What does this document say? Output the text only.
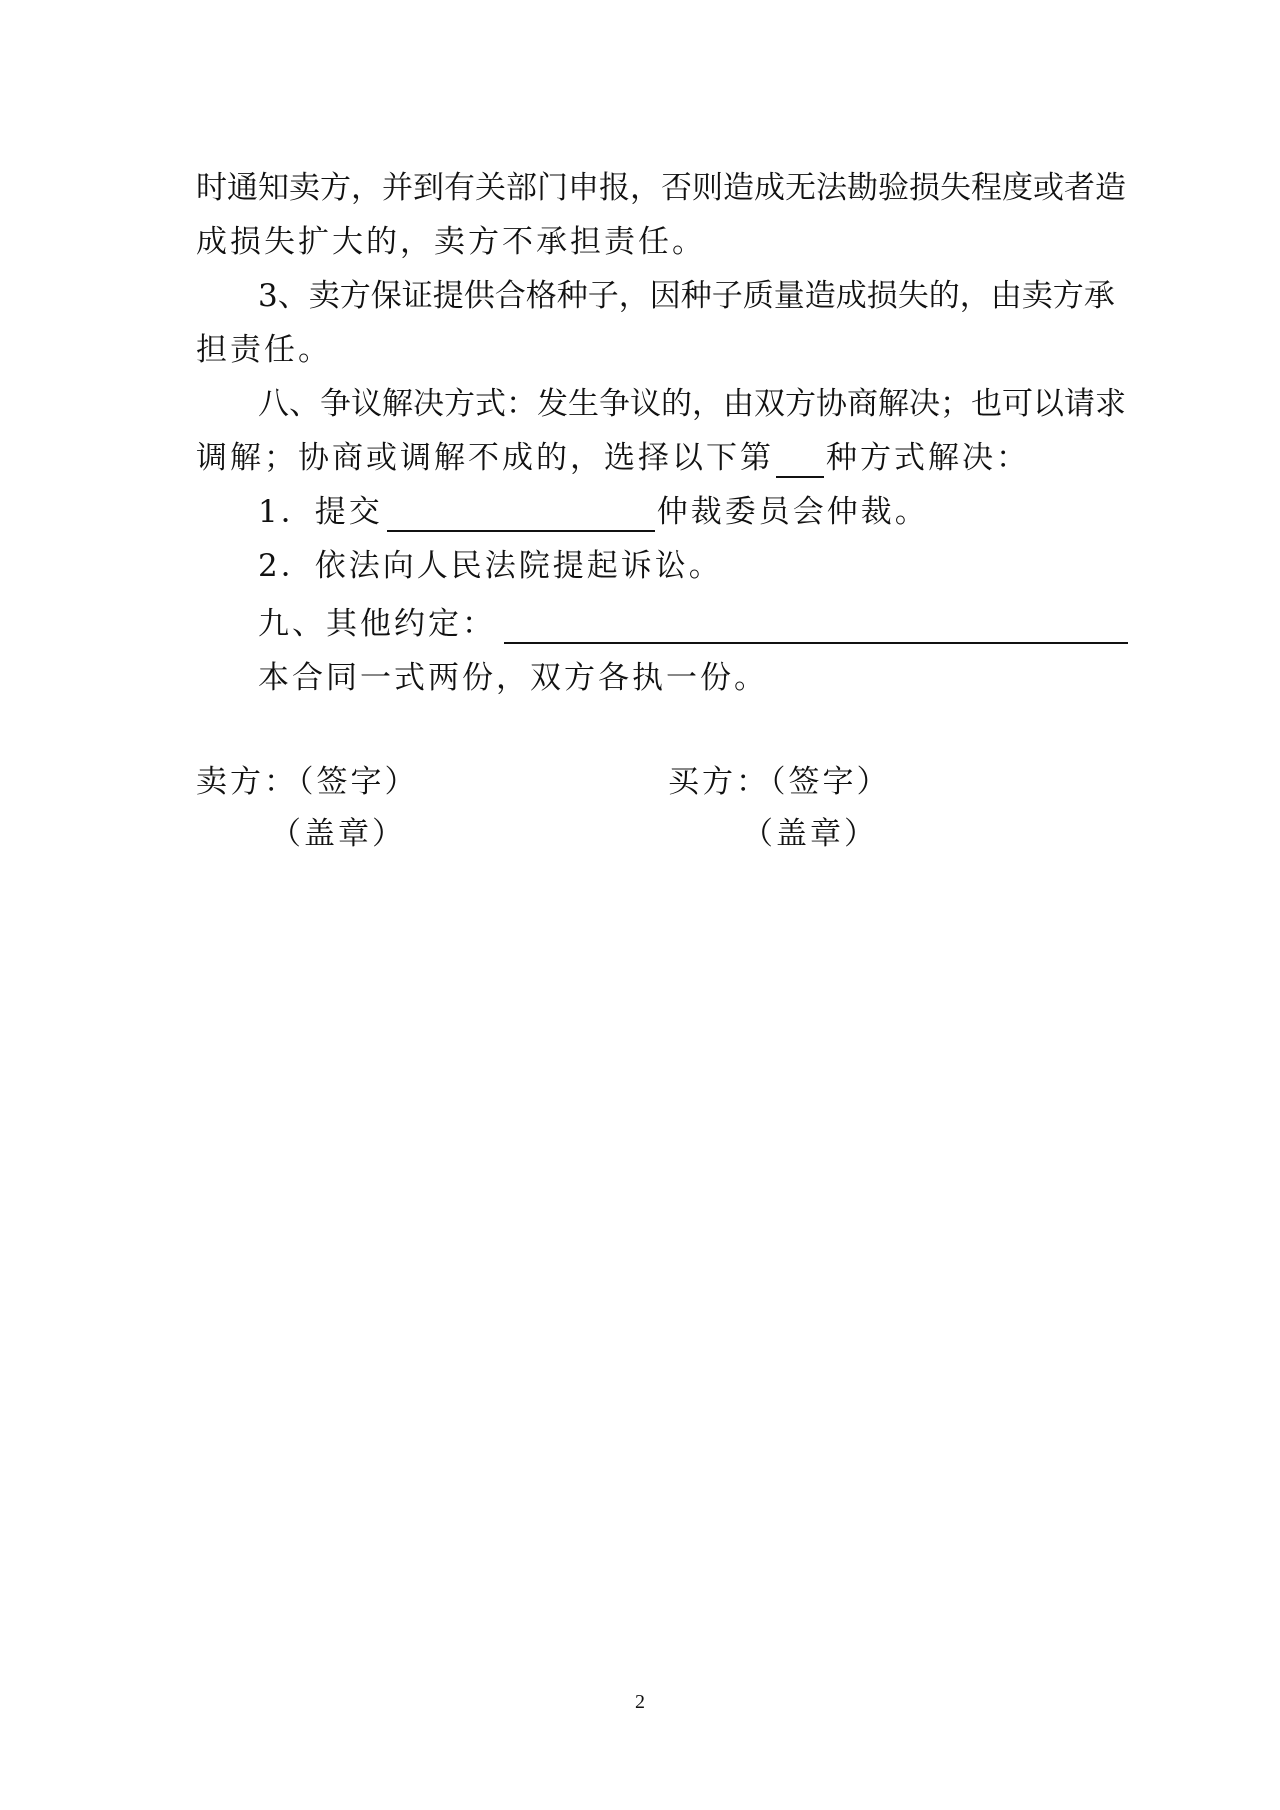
时通知卖方，并到有关部门申报，否则造成无法勘验损失程度或者造
成损失扩大的，卖方不承担责任。
3、卖方保证提供合格种子，因种子质量造成损失的，由卖方承
担责任。
八、争议解决方式：发生争议的，由双方协商解决；也可以请求
调解；协商或调解不成的，选择以下第 种方式解决：
1．提交	仲裁委员会仲裁。
2．依法向人民法院提起诉讼。
九、其他约定：
本合同一式两份，双方各执一份。
卖方：（签字）
（盖章）
买方：（签字）
（盖章）
2
